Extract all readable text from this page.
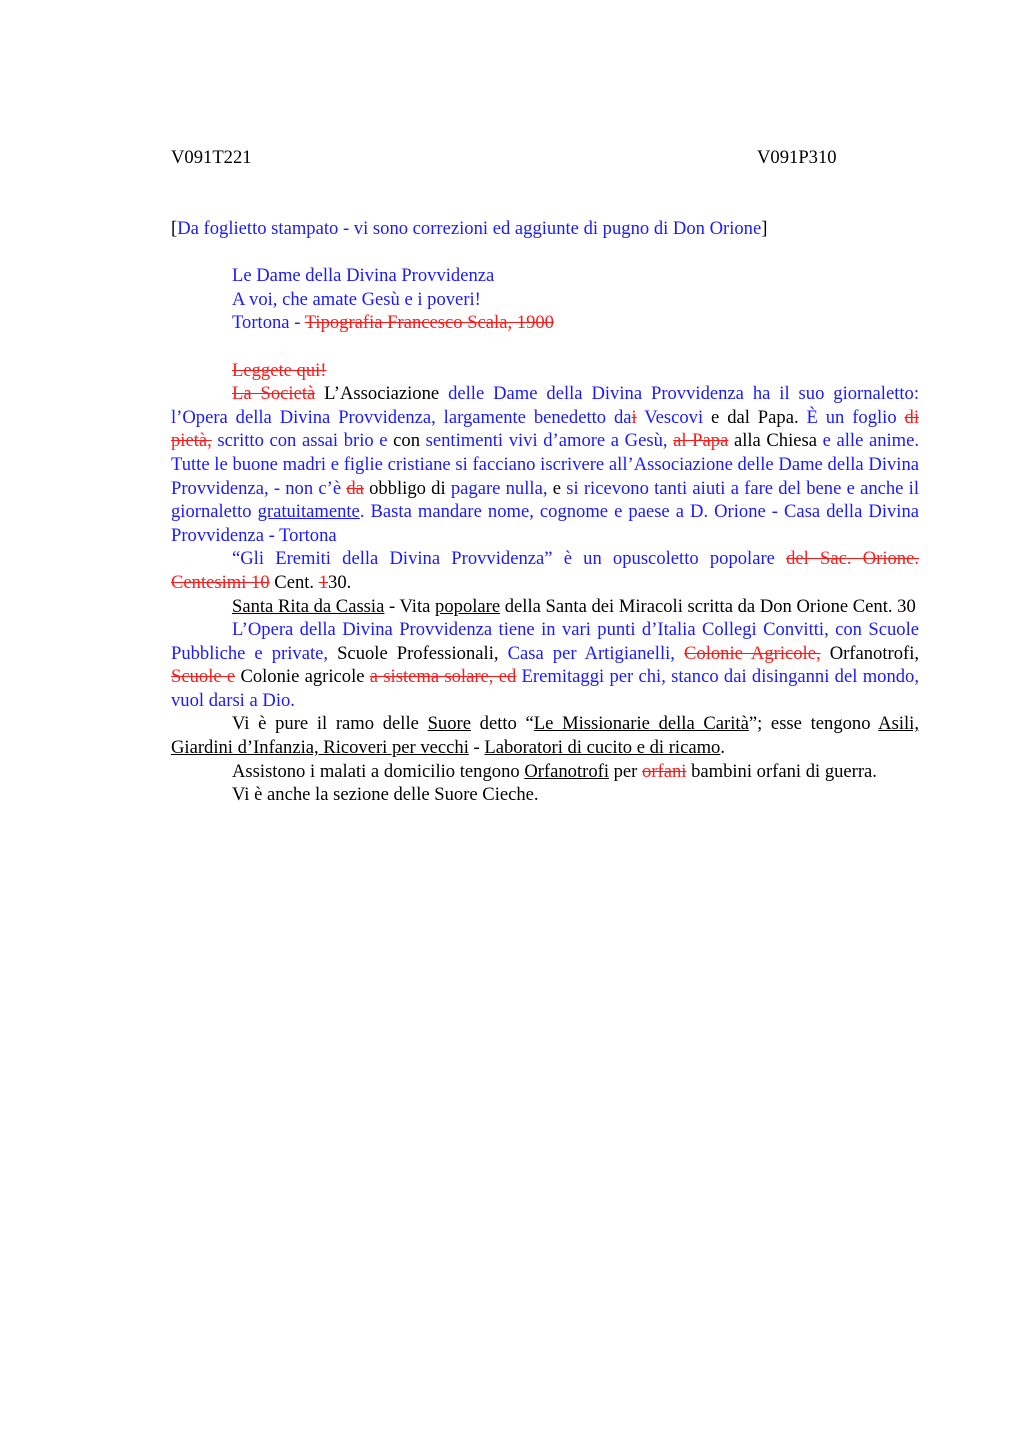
V091T221	V091P310

[Da foglietto stampato - vi sono correzioni ed aggiunte di pugno di Don Orione]

Le Dame della Divina Provvidenza

A voi, che amate Gesù e i poveri!

Tortona - Tipografia Francesco Scala, 1900

Leggete qui!

La Società L’Associazione delle Dame della Divina Provvidenza ha il suo giornaletto: l’Opera della Divina Provvidenza, largamente benedetto dai Vescovi e dal Papa. È un foglio di pietà, scritto con assai brio e con sentimenti vivi d’amore a Gesù, al Papa alla Chiesa e alle anime. Tutte le buone madri e figlie cristiane si facciano iscrivere all’Associazione delle Dame della Divina Provvidenza, - non c’è da obbligo di pagare nulla, e si ricevono tanti aiuti a fare del bene e anche il giornaletto gratuitamente. Basta mandare nome, cognome e paese a D. Orione - Casa della Divina Provvidenza - Tortona

“Gli Eremiti della Divina Provvidenza” è un opuscoletto popolare del Sac. Orione. Centesimi 10 Cent. 130.

Santa Rita da Cassia - Vita popolare della Santa dei Miracoli scritta da Don Orione Cent. 30

L’Opera della Divina Provvidenza tiene in vari punti d’Italia Collegi Convitti, con Scuole Pubbliche e private, Scuole Professionali, Casa per Artigianelli, Colonie Agricole, Orfanotrofi, Scuole e Colonie agricole a sistema solare, ed Eremitaggi per chi, stanco dai disinganni del mondo, vuol darsi a Dio.

Vi è pure il ramo delle Suore detto “Le Missionarie della Carità”; esse tengono Asili, Giardini d’Infanzia, Ricoveri per vecchi - Laboratori di cucito e di ricamo.

Assistono i malati a domicilio tengono Orfanotrofi per orfani bambini orfani di guerra.

Vi è anche la sezione delle Suore Cieche.
